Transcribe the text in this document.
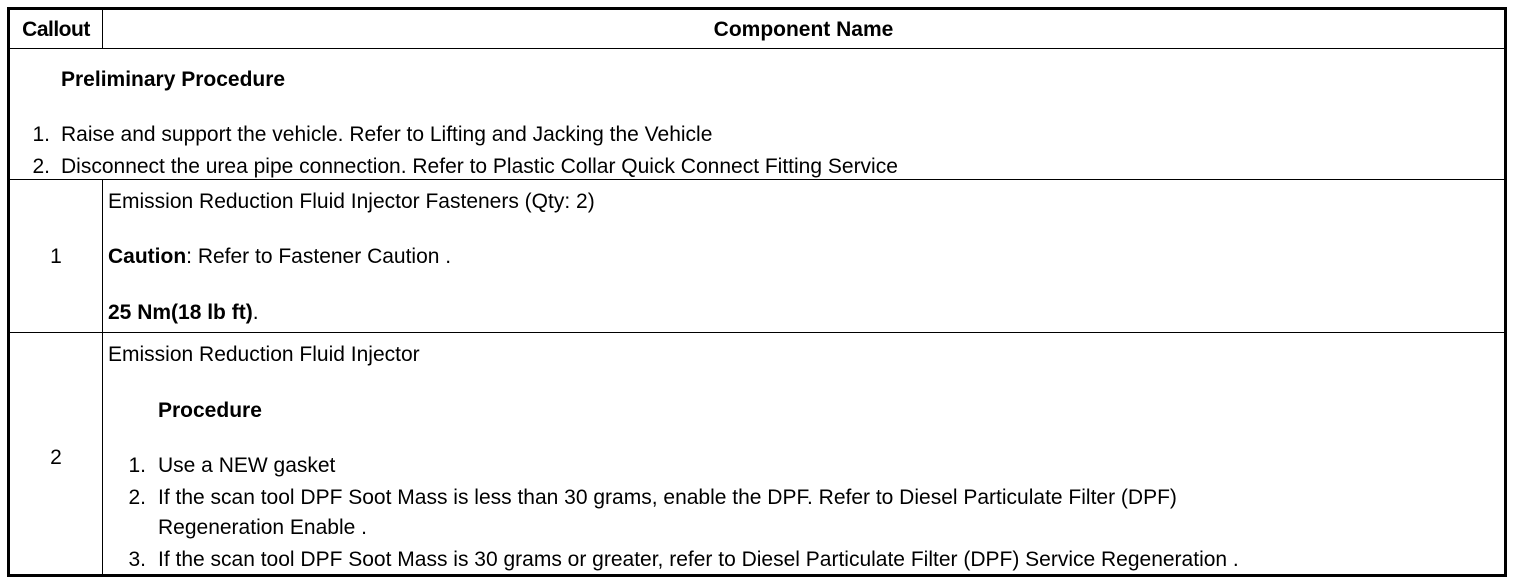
Callout	Component Name
Preliminary Procedure
1. Raise and support the vehicle. Refer to Lifting and Jacking the Vehicle
2. Disconnect the urea pipe connection. Refer to Plastic Collar Quick Connect Fitting Service
1
Emission Reduction Fluid Injector Fasteners (Qty: 2)
Caution: Refer to Fastener Caution .
25 Nm(18 lb ft).
2
Emission Reduction Fluid Injector
Procedure
1. Use a NEW gasket
2. If the scan tool DPF Soot Mass is less than 30 grams, enable the DPF. Refer to Diesel Particulate Filter (DPF)
Regeneration Enable .
3. If the scan tool DPF Soot Mass is 30 grams or greater, refer to Diesel Particulate Filter (DPF) Service Regeneration .
